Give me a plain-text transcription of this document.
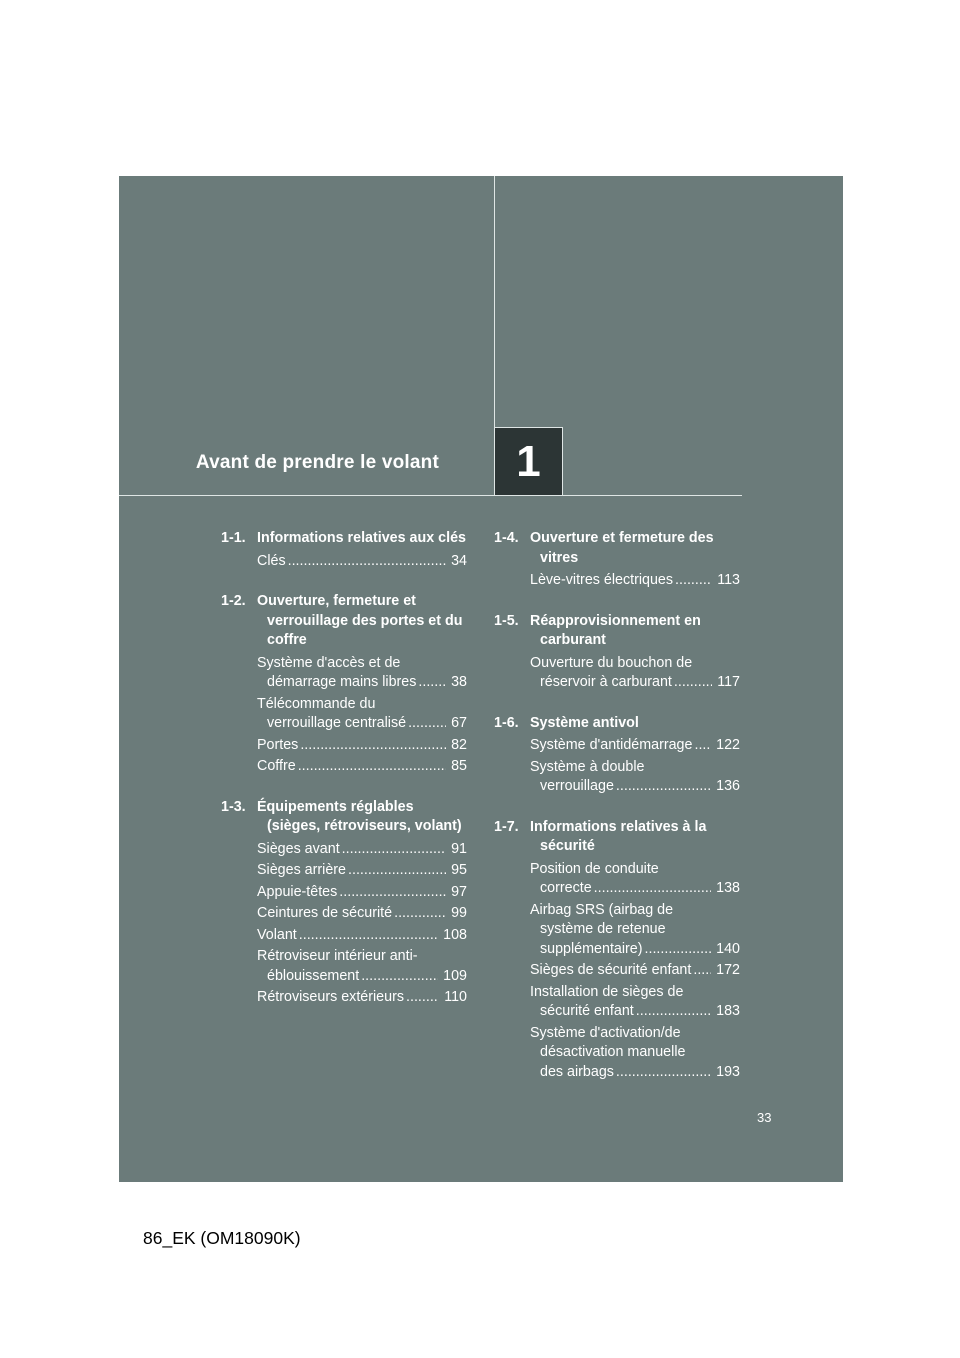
Avant de prendre le volant	1
1-1. Informations relatives aux clés
Clés .....	34
1-2. Ouverture, fermeture et verrouillage des portes et du coffre
Système d'accès et de démarrage mains libres .....	38
Télécommande du verrouillage centralisé .....	67
Portes .....	82
Coffre .....	85
1-3. Équipements réglables (sièges, rétroviseurs, volant)
Sièges avant .....	91
Sièges arrière .....	95
Appuie-têtes .....	97
Ceintures de sécurité .....	99
Volant .....	108
Rétroviseur intérieur anti-éblouissement .....	109
Rétroviseurs extérieurs .....	110
1-4. Ouverture et fermeture des vitres
Lève-vitres électriques .....	113
1-5. Réapprovisionnement en carburant
Ouverture du bouchon de réservoir à carburant .....	117
1-6. Système antivol
Système d'antidémarrage .....	122
Système à double verrouillage .....	136
1-7. Informations relatives à la sécurité
Position de conduite correcte .....	138
Airbag SRS (airbag de système de retenue supplémentaire) .....	140
Sièges de sécurité enfant .....	172
Installation de sièges de sécurité enfant .....	183
Système d'activation/de désactivation manuelle des airbags .....	193
33
86_EK (OM18090K)
